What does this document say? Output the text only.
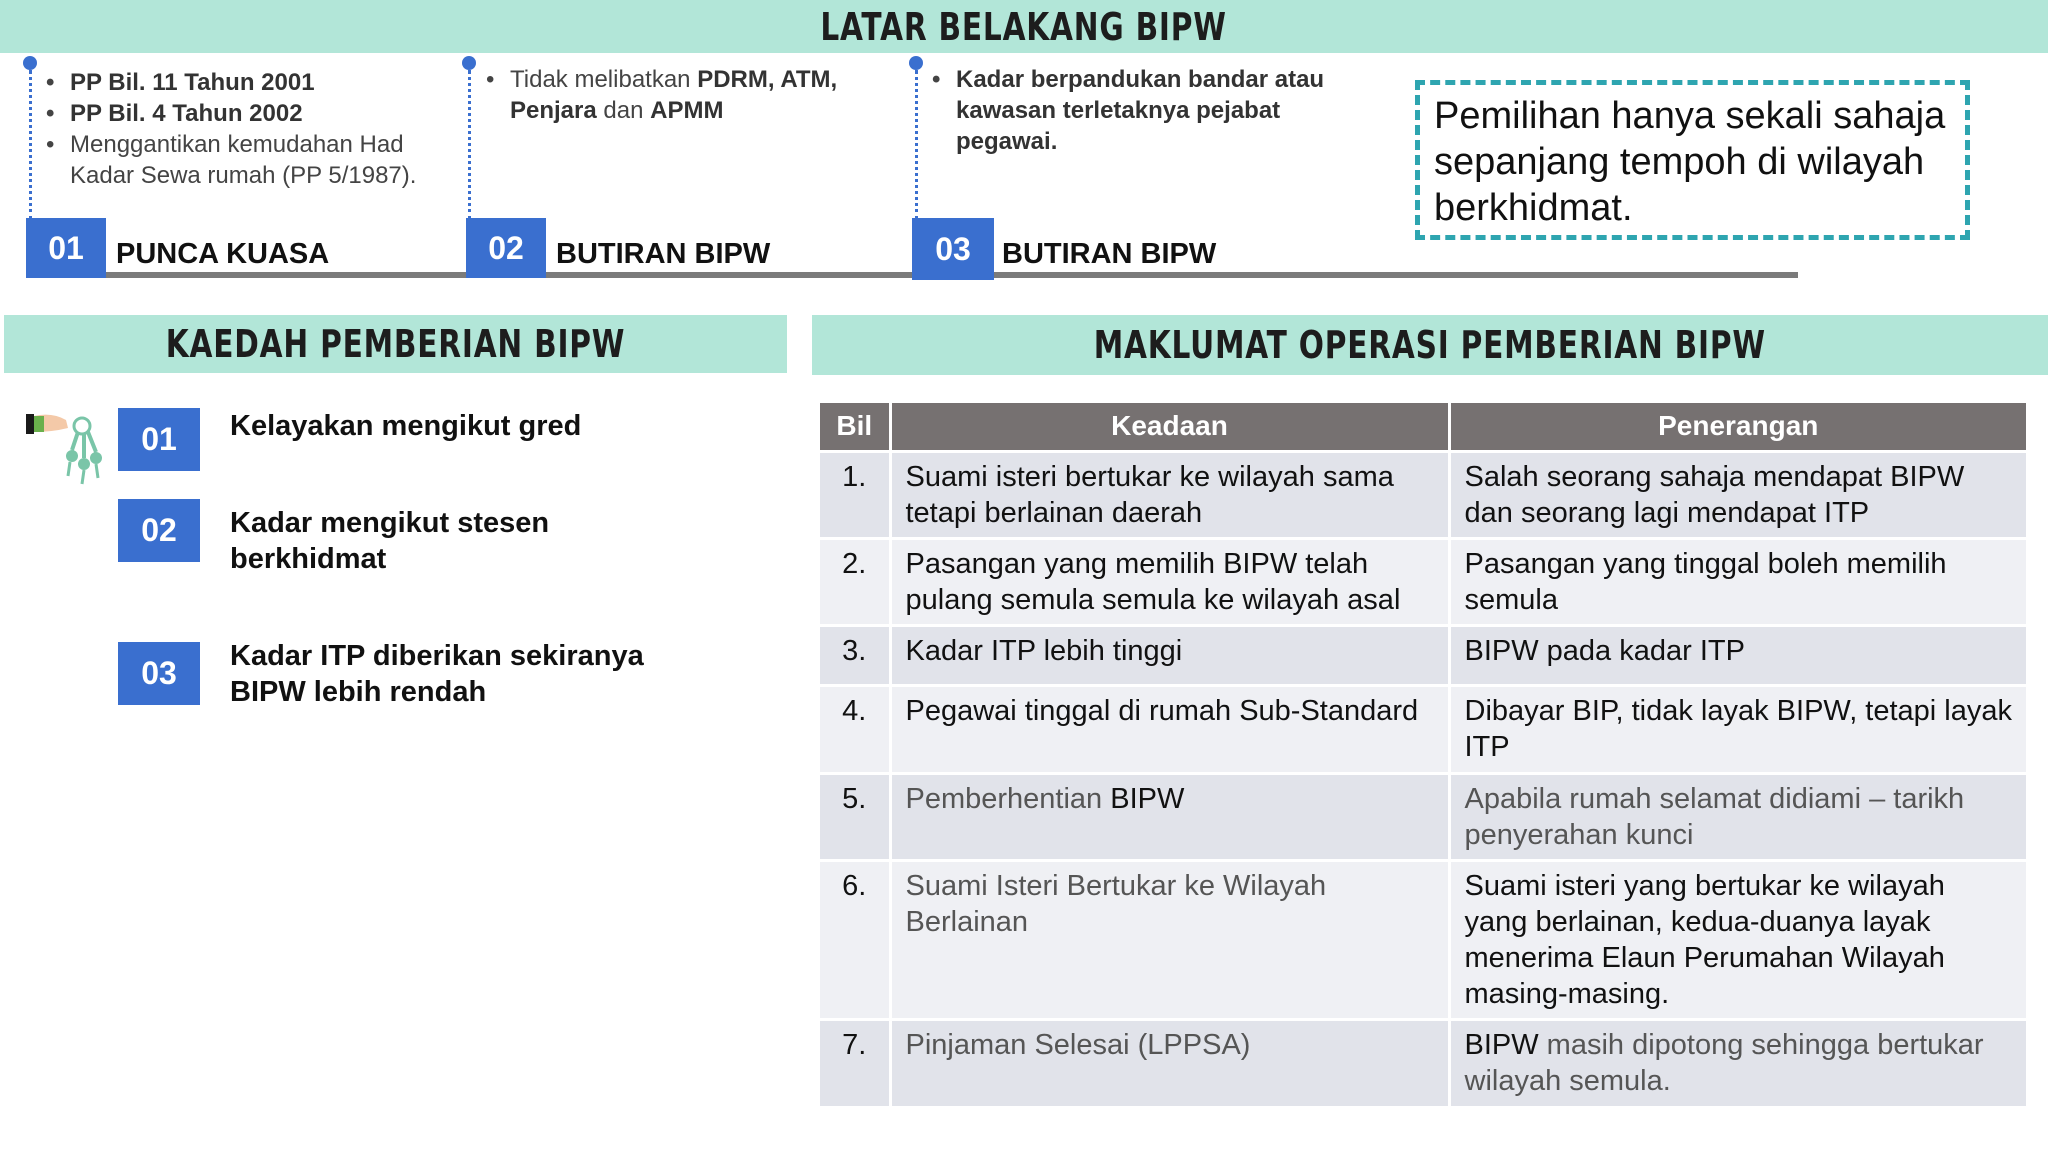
LATAR BELAKANG BIPW
• PP Bil. 11 Tahun 2001
• PP Bil. 4 Tahun 2002
• Menggantikan kemudahan Had Kadar Sewa rumah (PP 5/1987).
01	PUNCA KUASA
• Tidak melibatkan PDRM, ATM, Penjara dan APMM
02	BUTIRAN BIPW
• Kadar berpandukan bandar atau kawasan terletaknya pejabat pegawai.
03	BUTIRAN BIPW
Pemilihan hanya sekali sahaja sepanjang tempoh di wilayah berkhidmat.
KAEDAH PEMBERIAN BIPW
01	Kelayakan mengikut gred
02	Kadar mengikut stesen berkhidmat
03	Kadar ITP diberikan sekiranya BIPW lebih rendah
MAKLUMAT OPERASI PEMBERIAN BIPW
Bil	Keadaan	Penerangan
1.	Suami isteri bertukar ke wilayah sama tetapi berlainan daerah	Salah seorang sahaja mendapat BIPW dan seorang lagi mendapat ITP
2.	Pasangan yang memilih BIPW telah pulang semula semula ke wilayah asal	Pasangan yang tinggal boleh memilih semula
3.	Kadar ITP lebih tinggi	BIPW pada kadar ITP
4.	Pegawai tinggal di rumah Sub-Standard	Dibayar BIP, tidak layak BIPW, tetapi layak ITP
5.	Pemberhentian BIPW	Apabila rumah selamat didiami – tarikh penyerahan kunci
6.	Suami Isteri Bertukar ke Wilayah Berlainan	Suami isteri yang bertukar ke wilayah yang berlainan, kedua-duanya layak menerima Elaun Perumahan Wilayah masing-masing.
7.	Pinjaman Selesai (LPPSA)	BIPW masih dipotong sehingga bertukar wilayah semula.
